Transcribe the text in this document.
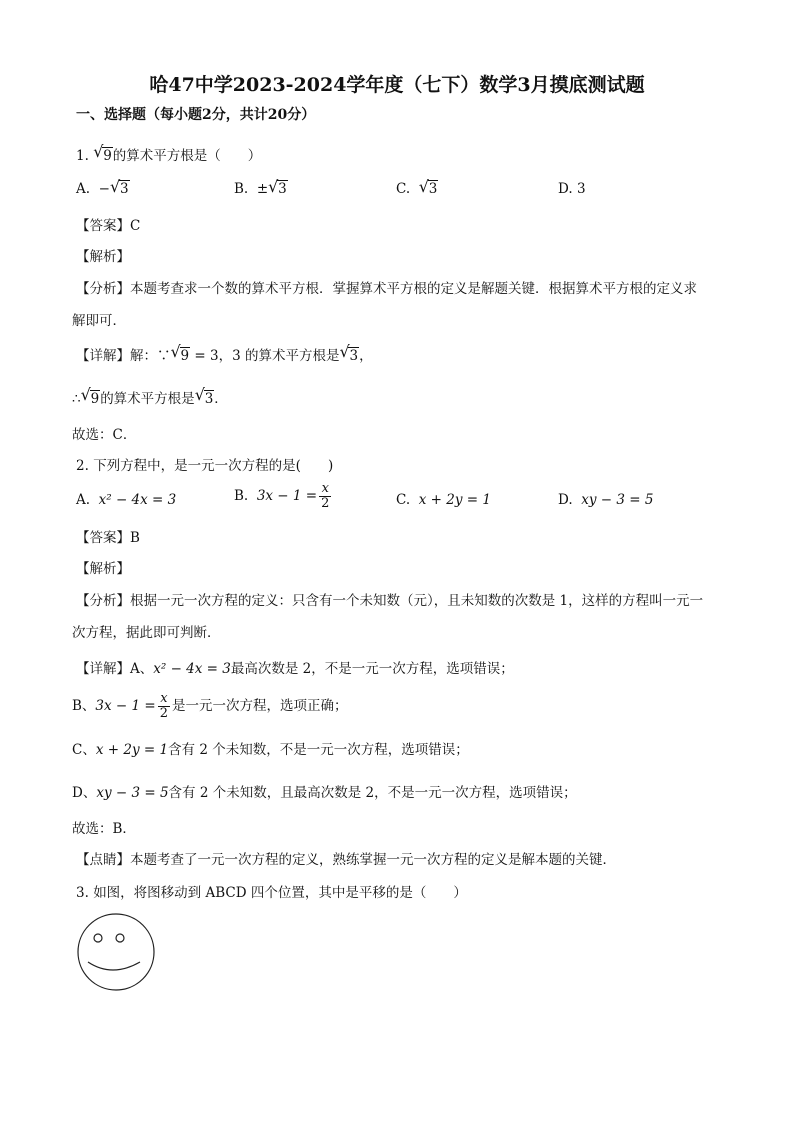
哈47中学2023-2024学年度（七下）数学3月摸底测试题
一、选择题（每小题2分，共计20分）
1. √ 9的算术平方根是（　　）
A. − √ 3	B. ± √ 3	C. √ 3	D. 3
【答案】C
【解析】
【分析】本题考查求一个数的算术平方根．掌握算术平方根的定义是解题关键．根据算术平方根的定义求
解即可．
【详解】解：∵ √ 9 = 3，3 的算术平方根是 √ 3，
∴ √ 9的算术平方根是 √ 3．
故选：C．
2. 下列方程中，是一元一次方程的是(　　)
A. x² − 4x = 3	B. $3x - 1 = \frac{x}{2}$	C. x + 2y = 1	D. xy − 3 = 5
【答案】B
【解析】
【分析】根据一元一次方程的定义：只含有一个未知数（元），且未知数的次数是 1，这样的方程叫一元一
次方程，据此即可判断．
【详解】A、x² − 4x = 3最高次数是 2，不是一元一次方程，选项错误；
B、$3x - 1 = \frac{x}{2}$ 是一元一次方程，选项正确；
C、x + 2y = 1含有 2 个未知数，不是一元一次方程，选项错误；
D、xy − 3 = 5含有 2 个未知数，且最高次数是 2，不是一元一次方程，选项错误；
故选：B．
【点睛】本题考查了一元一次方程的定义，熟练掌握一元一次方程的定义是解本题的关键．
3. 如图，将图移动到 ABCD 四个位置，其中是平移的是（　　）
